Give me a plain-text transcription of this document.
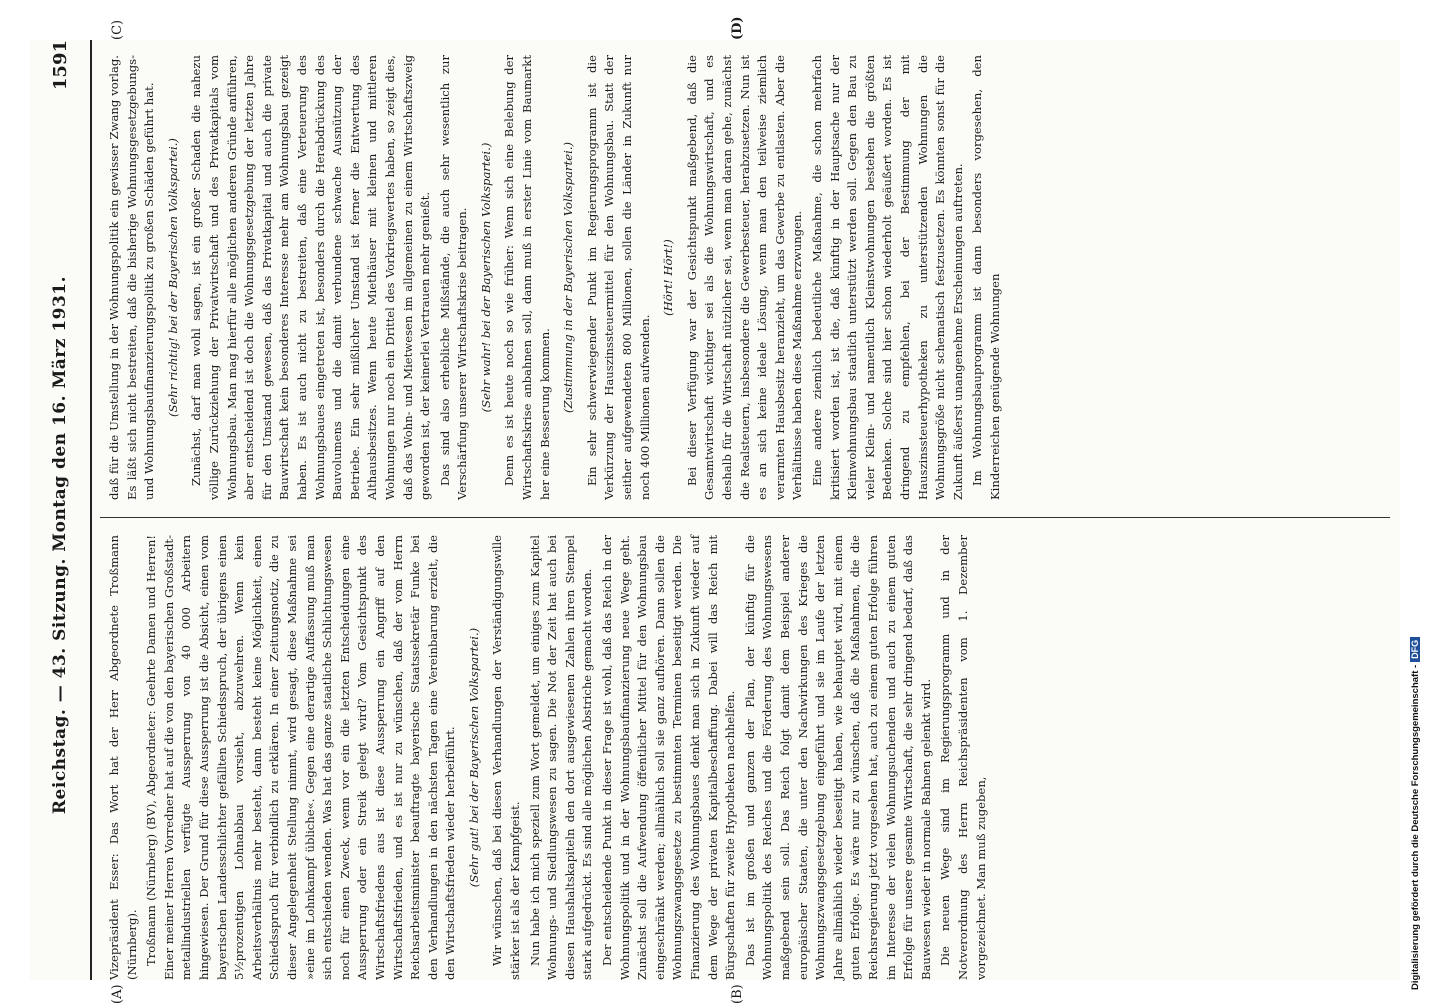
Reichstag. — 43. Sitzung. Montag den 16. März 1931.
1591
(A)	(B)
(C)	(D)

Vizepräsident Esser: Das Wort hat der Herr Abgeordnete Troßmann (Nürnberg). Troßmann (Nürnberg) (BV), Abgeordneter: Geehrte Damen und Herren! Einer meiner Herren Vorredner hat auf die von den bayerischen Großstadt-metallindustriellen verfügte Aussperrung von 40 000 Arbeitern hingewiesen. Der Grund für diese Aussperrung ist die Absicht, einen vom bayerischen Landesschlichter gefällten Schiedsspruch, der übrigens einen 5½prozentigen Lohnabbau vorsieht, abzuwehren. Wenn kein Arbeitsverhältnis mehr besteht, dann besteht keine Möglichkeit, einen Schiedsspruch für verbindlich zu erklären. In einer Zeitungsnotiz, die zu dieser Angelegenheit Stellung nimmt, wird gesagt, diese Maßnahme sei »eine im Lohnkampf übliche«. Gegen eine derartige Auffassung muß man sich entschieden wenden. Was hat das ganze staatliche Schlichtungswesen noch für einen Zweck, wenn vor ein die letzten Entscheidungen eine Aussperrung oder ein Streik gelegt wird? Vom Gesichtspunkt des Wirtschaftsfriedens aus ist diese Aussperrung ein Angriff auf den Wirtschaftsfrieden, und es ist nur zu wünschen, daß der vom Herrn Reichsarbeitsminister beauftragte bayerische Staatssekretär Funke bei den Verhandlungen in den nächsten Tagen eine Vereinbarung erzielt, die den Wirtschaftsfrieden wieder herbeiführt. (Sehr gut! bei der Bayerischen Volkspartei.) Wir wünschen, daß bei diesen Verhandlungen der Verständigungswille stärker ist als der Kampfgeist. Nun habe ich mich speziell zum Wort gemeldet, um einiges zum Kapitel Wohnungs- und Siedlungswesen zu sagen. Die Not der Zeit hat auch bei diesen Haushaltskapiteln den dort ausgewiesenen Zahlen ihren Stempel stark aufgedrückt. Es sind alle möglichen Abstriche gemacht worden. Der entscheidende Punkt in dieser Frage ist wohl, daß das Reich in der Wohnungspolitik und in der Wohnungsbaufinanzierung neue Wege geht. Zunächst soll die Aufwendung öffentlicher Mittel für den Wohnungsbau eingeschränkt werden; allmählich soll sie ganz aufhören. Dann sollen die Wohnungszwangsgesetze zu bestimmten Terminen beseitigt werden. Die Finanzierung des Wohnungsbaues denkt man sich in Zukunft wieder auf dem Wege der privaten Kapitalbeschaffung. Dabei will das Reich mit Bürgschaften für zweite Hypotheken nachhelfen. Das ist im großen und ganzen der Plan, der künftig für die Wohnungspolitik des Reiches und die Förderung des Wohnungswesens maßgebend sein soll. Das Reich folgt damit dem Beispiel anderer europäischer Staaten, die unter den Nachwirkungen des Krieges die Wohnungszwangsgesetzgebung eingeführt und sie im Laufe der letzten Jahre allmählich wieder beseitigt haben, wie behauptet wird, mit einem guten Erfolge. Es wäre nur zu wünschen, daß die Maßnahmen, die die Reichsregierung jetzt vorgesehen hat, auch zu einem guten Erfolge führen im Interesse der vielen Wohnungsuchenden und auch zu einem guten Erfolge für unsere gesamte Wirtschaft, die sehr dringend bedarf, daß das Bauwesen wieder in normale Bahnen gelenkt wird. Die neuen Wege sind im Regierungsprogramm und in der Notverordnung des Herrn Reichspräsidenten vom 1. Dezember vorgezeichnet. Man muß zugeben,

daß für die Umstellung in der Wohnungspolitik ein gewisser Zwang vorlag. Es läßt sich nicht bestreiten, daß die bisherige Wohnungsgesetzgebungs- und Wohnungsbaufinanzierungspolitik zu großen Schäden geführt hat. (Sehr richtig! bei der Bayerischen Volkspartei.) Zunächst, darf man wohl sagen, ist ein großer Schaden die nahezu völlige Zurückziehung der Privatwirtschaft und des Privatkapitals vom Wohnungsbau. Man mag hierfür alle möglichen anderen Gründe anführen, aber entscheidend ist doch die Wohnungsgesetzgebung der letzten Jahre für den Umstand gewesen, daß das Privatkapital und auch die private Bauwirtschaft kein besonderes Interesse mehr am Wohnungsbau gezeigt haben. Es ist auch nicht zu bestreiten, daß eine Verteuerung des Wohnungsbaues eingetreten ist, besonders durch die Herabdrückung des Bauvolumens und die damit verbundene schwache Ausnützung der Betriebe. Ein sehr mißlicher Umstand ist ferner die Entwertung des Althausbesitzes. Wenn heute Miethäuser mit kleinen und mittleren Wohnungen nur noch ein Drittel des Vorkriegswertes haben, so zeigt dies, daß das Wohn- und Mietwesen im allgemeinen zu einem Wirtschaftszweig geworden ist, der keinerlei Vertrauen mehr genießt. Das sind also erhebliche Mißstände, die auch sehr wesentlich zur Verschärfung unserer Wirtschaftskrise beitragen. (Sehr wahr! bei der Bayerischen Volkspartei.) Denn es ist heute noch so wie früher: Wenn sich eine Belebung der Wirtschaftskrise anbahnen soll, dann muß in erster Linie vom Baumarkt her eine Besserung kommen.

(Zustimmung in der Bayerischen Volkspartei.) Ein sehr schwerwiegender Punkt im Regierungsprogramm ist die Verkürzung der Hauszinssteuermittel für den Wohnungsbau. Statt der seither aufgewendeten 800 Millionen, sollen die Länder in Zukunft nur noch 400 Millionen aufwenden.

(Hört! Hört!) Bei dieser Verfügung war der Gesichtspunkt maßgebend, daß die Gesamtwirtschaft wichtiger sei als die Wohnungswirtschaft, und es deshalb für die Wirtschaft nützlicher sei, wenn man daran gehe, zunächst die Realsteuern, insbesondere die Gewerbesteuer, herabzusetzen. Nun ist es an sich keine ideale Lösung, wenn man den teilweise ziemlich verarmten Hausbesitz heranzieht, um das Gewerbe zu entlasten. Aber die Verhältnisse haben diese Maßnahme erzwungen. Eine andere ziemlich bedeutliche Maßnahme, die schon mehrfach kritisiert worden ist, ist die, daß künftig in der Hauptsache nur der Kleinwohnungsbau staatlich unterstützt werden soll. Gegen den Bau zu vieler Klein- und namentlich Kleinstwohnungen bestehen die größten Bedenken. Solche sind hier schon wiederholt geäußert worden. Es ist dringend zu empfehlen, bei der Bestimmung der mit Hauszinssteuerhypotheken zu unterstützenden Wohnungen die Wohnungsgröße nicht schematisch festzusetzen. Es könnten sonst für die Zukunft äußerst unangenehme Erscheinungen auftreten. Im Wohnungsbauprogramm ist dann besonders vorgesehen, den Kinderreichen genügende Wohnungen

Digitalisierung gefördert durch die Deutsche Forschungsgemeinschaft -DFG
